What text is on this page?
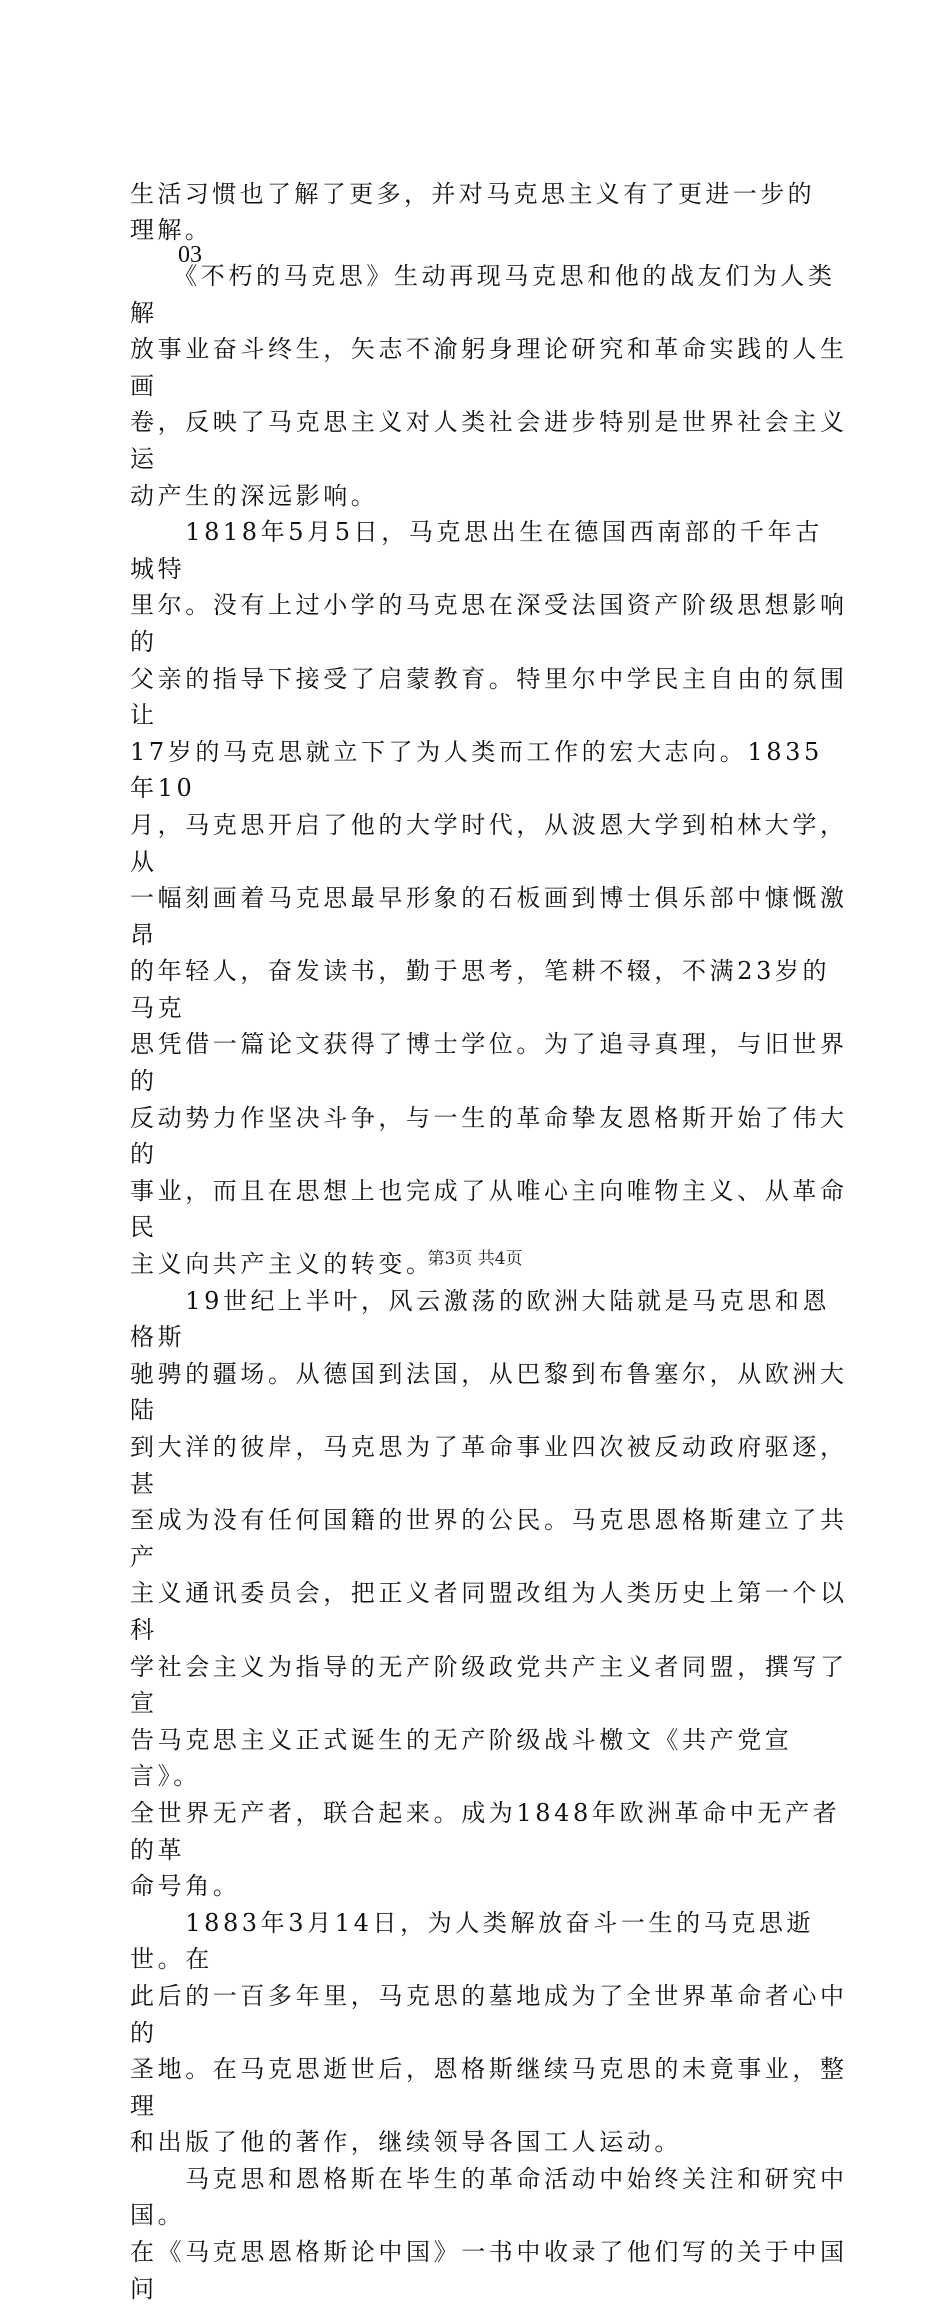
生活习惯也了解了更多，并对马克思主义有了更进一步的理解。

03

　　《不朽的马克思》生动再现马克思和他的战友们为人类解
放事业奋斗终生，矢志不渝躬身理论研究和革命实践的人生画
卷，反映了马克思主义对人类社会进步特别是世界社会主义运
动产生的深远影响。

　　1818年5月5日，马克思出生在德国西南部的千年古城特
里尔。没有上过小学的马克思在深受法国资产阶级思想影响的
父亲的指导下接受了启蒙教育。特里尔中学民主自由的氛围让
17岁的马克思就立下了为人类而工作的宏大志向。1835年10
月，马克思开启了他的大学时代，从波恩大学到柏林大学，从
一幅刻画着马克思最早形象的石板画到博士俱乐部中慷慨激昂
的年轻人，奋发读书，勤于思考，笔耕不辍，不满23岁的马克
思凭借一篇论文获得了博士学位。为了追寻真理，与旧世界的
反动势力作坚决斗争，与一生的革命挚友恩格斯开始了伟大的
事业，而且在思想上也完成了从唯心主向唯物主义、从革命民
主义向共产主义的转变。

　　19世纪上半叶，风云激荡的欧洲大陆就是马克思和恩格斯
驰骋的疆场。从德国到法国，从巴黎到布鲁塞尔，从欧洲大陆
到大洋的彼岸，马克思为了革命事业四次被反动政府驱逐，甚
至成为没有任何国籍的世界的公民。马克思恩格斯建立了共产
主义通讯委员会，把正义者同盟改组为人类历史上第一个以科
学社会主义为指导的无产阶级政党共产主义者同盟，撰写了宣
告马克思主义正式诞生的无产阶级战斗檄文《共产党宣言》。
全世界无产者，联合起来。成为1848年欧洲革命中无产者的革
命号角。

　　1883年3月14日，为人类解放奋斗一生的马克思逝世。在
此后的一百多年里，马克思的墓地成为了全世界革命者心中的
圣地。在马克思逝世后，恩格斯继续马克思的未竟事业，整理
和出版了他的著作，继续领导各国工人运动。

　　马克思和恩格斯在毕生的革命活动中始终关注和研究中国。
在《马克思恩格斯论中国》一书中收录了他们写的关于中国问

第3页 共4页
